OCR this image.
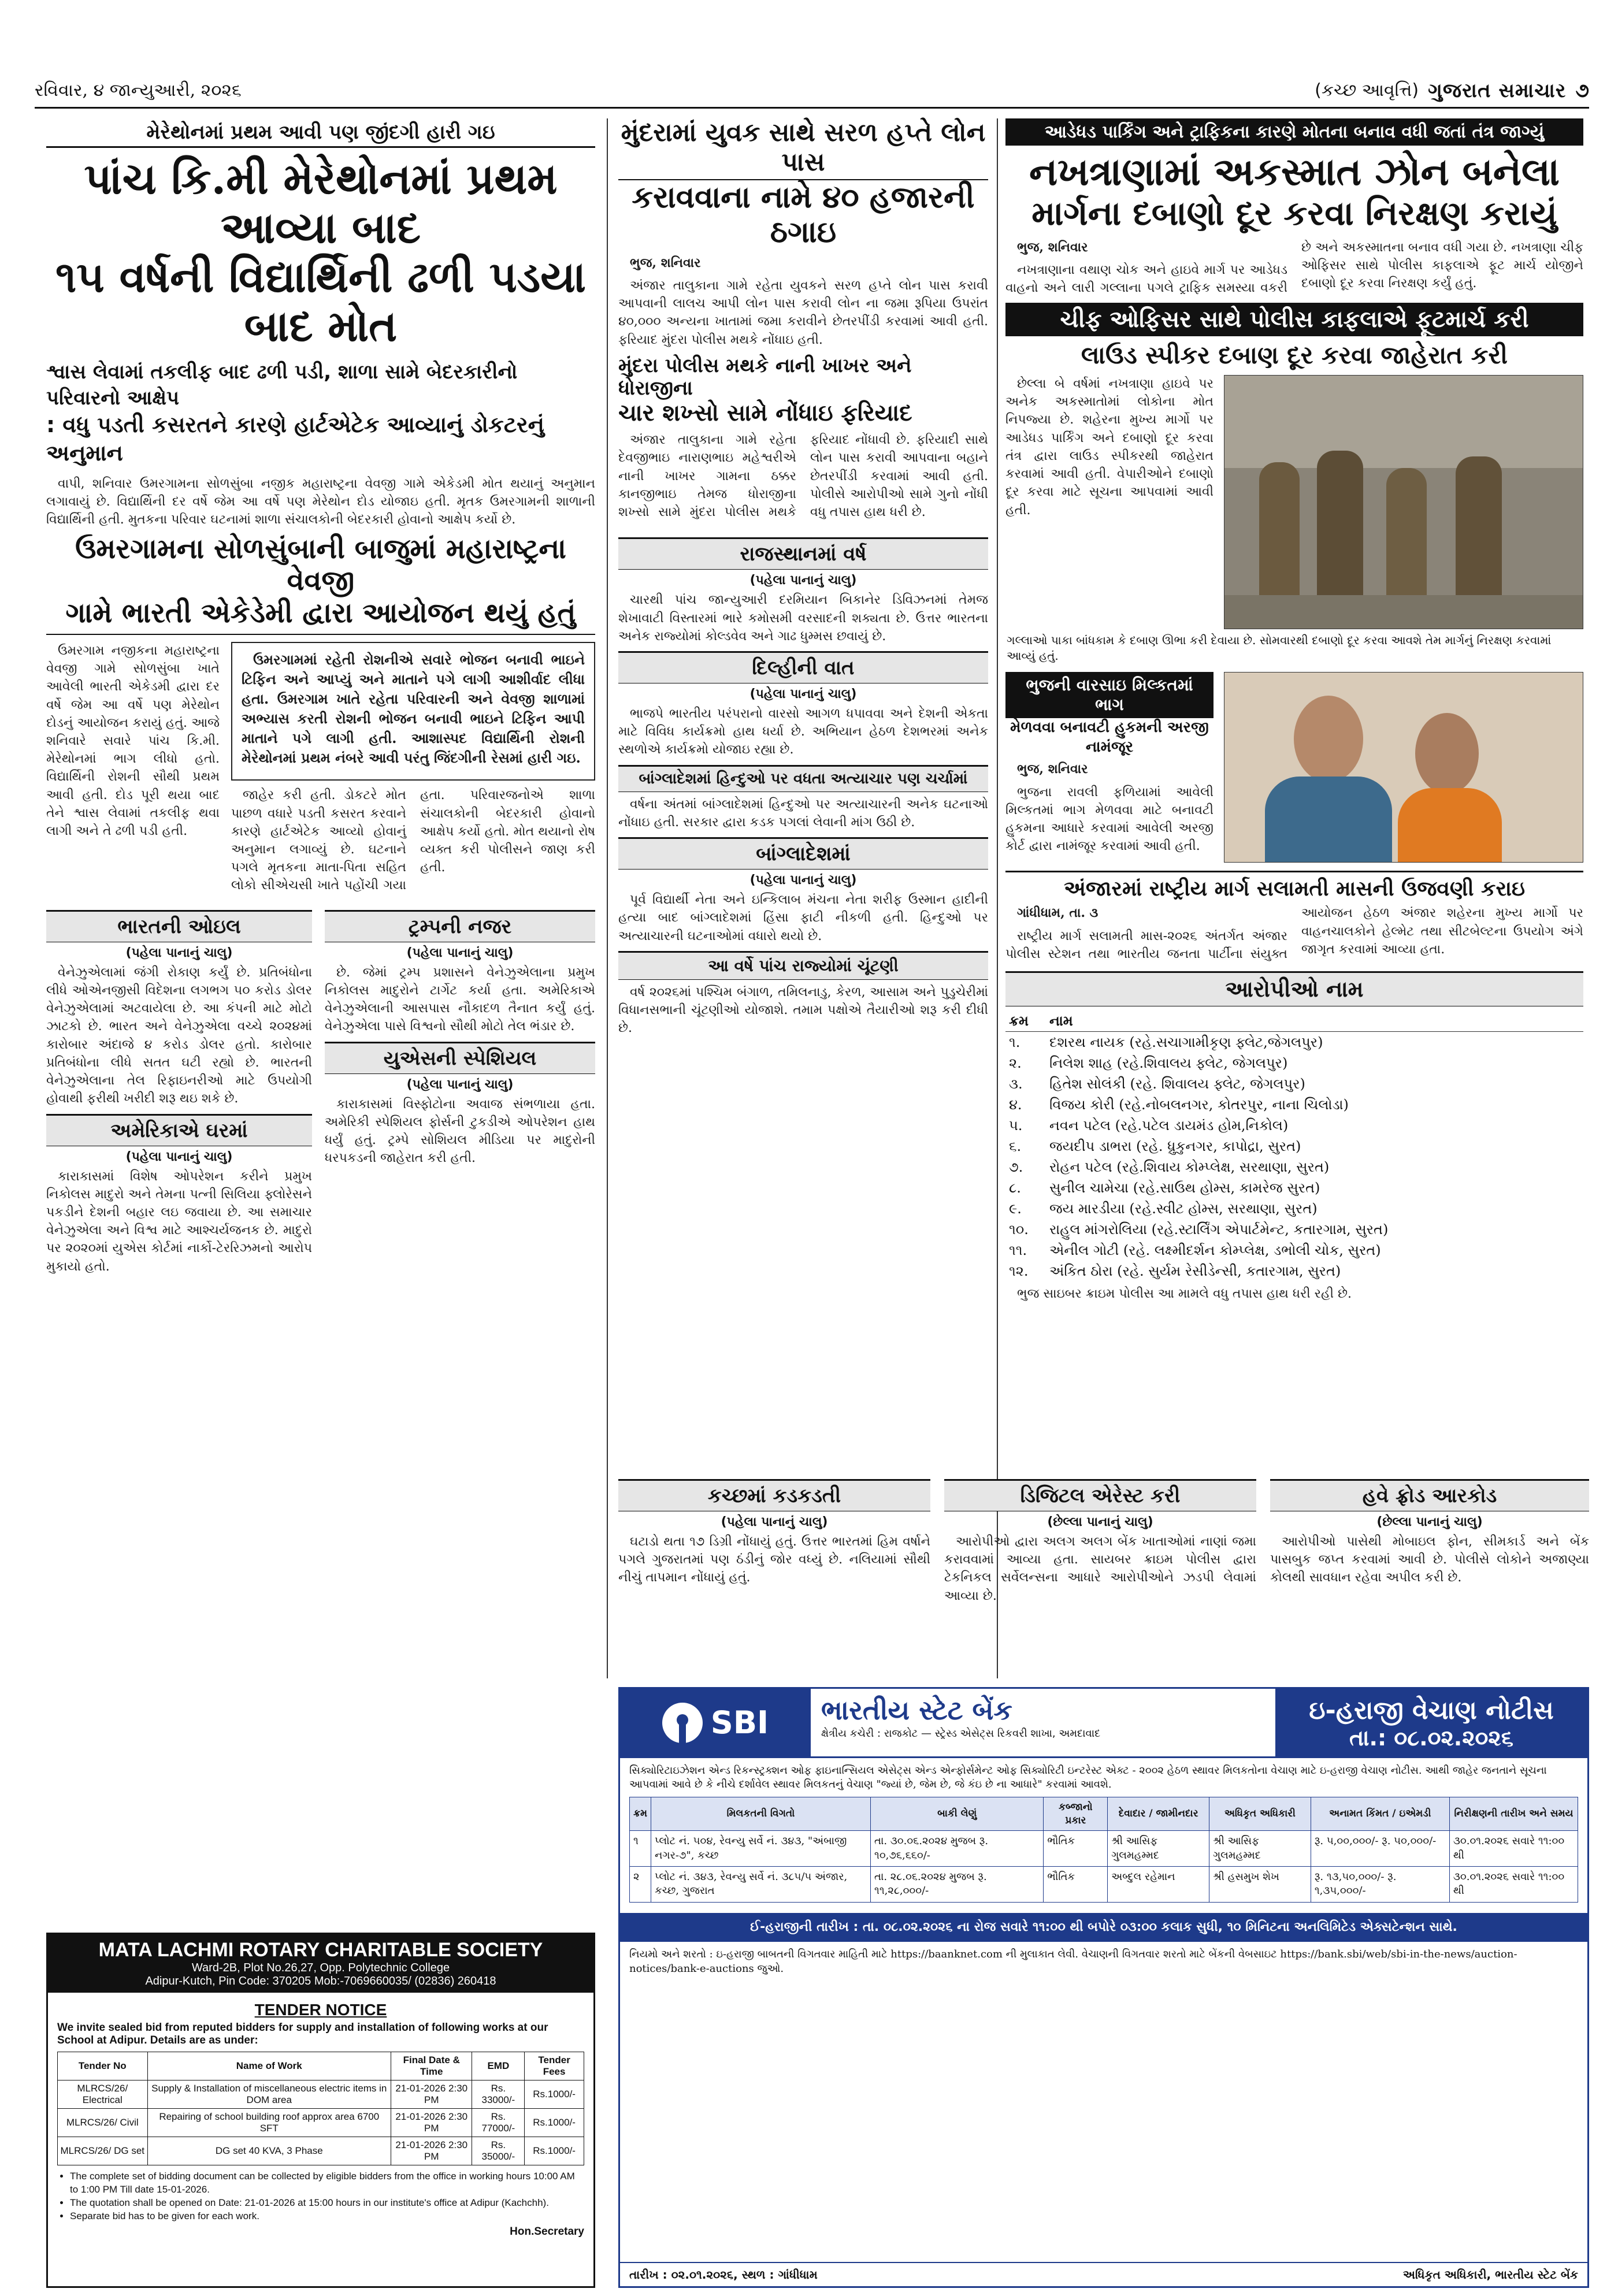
રવિવાર, ૪ જાન્યુઆરી, ૨૦૨૬	(કચ્છ આવૃત્તિ) ગુજરાત સમાચાર ૭
મેરેથોનમાં પ્રથમ આવી પણ જીંદગી હારી ગઇ
પાંચ કિ.મી મેરેથોનમાં પ્રથમ આવ્યા બાદ
૧૫ વર્ષની વિદ્યાર્થિની ઢળી પડયા બાદ મોત
શ્વાસ લેવામાં તકલીફ બાદ ઢળી પડી, શાળા સામે બેદરકારીનો પરિવારનો આક્ષેપ
: વધુ પડતી કસરતને કારણે હાર્ટએટેક આવ્યાનું ડોકટરનું અનુમાન

વાપી, શનિવાર ઉમરગામના સોળસુંબા નજીક મહારાષ્ટ્રના વેવજી ગામે એકેડમી મોત થયાનું અનુમાન લગાવાયું છે. વિદ્યાર્થિની દર વર્ષે જેમ આ વર્ષે પણ મેરેથોન દોડ યોજાઇ હતી. મૃતક ઉમરગામની શાળાની વિદ્યાર્થિની હતી. મુતકના પરિવાર ઘટનામાં શાળા સંચાલકોની બેદરકારી હોવાનો આક્ષેપ કર્યો છે.

ઉમરગામના સોળસુંબાની બાજુમાં મહારાષ્ટ્રના વેવજી
ગામે ભારતી એકેડેમી દ્વારા આયોજન થયું હતું

ઉમરગામ નજીકના મહારાષ્ટ્રના વેવજી ગામે સોળસુંબા ખાતે આવેલી ભારતી એકેડમી દ્વારા દર વર્ષે જેમ આ વર્ષે પણ મેરેથોન દોડનું આયોજન કરાયું હતું. આજે શનિવારે સવારે પાંચ કિ.મી. મેરેથોનમાં ભાગ લીધો હતો. વિદ્યાર્થિની રોશની સૌથી પ્રથમ આવી હતી. દોડ પૂરી થયા બાદ તેને શ્વાસ લેવામાં તકલીફ થવા લાગી અને તે ઢળી પડી હતી.

ઉમરગામમાં રહેતી રોશનીએ સવારે ભોજન બનાવી ભાઇને ટિફિન અને આપ્યું અને માતાને પગે લાગી આશીર્વાદ લીધા હતા. ઉમરગામ ખાતે રહેતા પરિવારની અને વેવજી શાળામાં અભ્યાસ કરતી રોશની ભોજન બનાવી ભાઇને ટિફિન આપી માતાને પગે લાગી હતી. આશાસ્પદ વિદ્યાર્થિની રોશની મેરેથોનમાં પ્રથમ નંબરે આવી પરંતુ જિંદગીની રેસમાં હારી ગઇ.

જાહેર કરી હતી. ડોકટરે મોત પાછળ વધારે પડતી કસરત કરવાને કારણે હાર્ટએટેક આવ્યો હોવાનું અનુમાન લગાવ્યું છે. ઘટનાને પગલે મૃતકના માતા-પિતા સહિત લોકો સીએચસી ખાતે પહોંચી ગયા હતા. પરિવારજનોએ શાળા સંચાલકોની બેદરકારી હોવાનો આક્ષેપ કર્યો હતો. મોત થયાનો રોષ વ્યક્ત કરી પોલીસને જાણ કરી હતી.

ભારતની ઓઇલ
(પહેલા પાનાનું ચાલુ)

વેનેઝુએલામાં જંગી રોકાણ કર્યું છે. પ્રતિબંધોના લીધે ઓએનજીસી વિદેશના લગભગ ૫૦ કરોડ ડોલર વેનેઝુએલામાં અટવાયેલા છે. આ કંપની માટે મોટો ઝાટકો છે. ભારત અને વેનેઝુએલા વચ્ચે ૨૦૨૪માં કારોબાર અંદાજે ૪ કરોડ ડોલર હતો. કારોબાર પ્રતિબંધોના લીધે સતત ઘટી રહ્યો છે. ભારતની વેનેઝુએલાના તેલ રિફાઇનરીઓ માટે ઉપયોગી હોવાથી ફરીથી ખરીદી શરૂ થઇ શકે છે.

અમેરિકાએ ઘરમાં
(પહેલા પાનાનું ચાલુ)

કારાકાસમાં વિશેષ ઓપરેશન કરીને પ્રમુખ નિકોલસ માદુરો અને તેમના પત્ની સિલિયા ફ્લોરેસને પકડીને દેશની બહાર લઇ જવાયા છે. આ સમાચાર વેનેઝુએલા અને વિશ્વ માટે આશ્ચર્યજનક છે. માદુરો પર ૨૦૨૦માં યુએસ કોર્ટમાં નાર્કો-ટેરરિઝમનો આરોપ મુકાયો હતો.

ટ્રમ્પની નજર
(પહેલા પાનાનું ચાલુ)

છે. જેમાં ટ્રમ્પ પ્રશાસને વેનેઝુએલાના પ્રમુખ નિકોલસ માદુરોને ટાર્ગેટ કર્યા હતા. અમેરિકાએ વેનેઝુએલાની આસપાસ નૌકાદળ તૈનાત કર્યું હતું. વેનેઝુએલા પાસે વિશ્વનો સૌથી મોટો તેલ ભંડાર છે.

યુએસની સ્પેશિયલ
(પહેલા પાનાનું ચાલુ)

કારાકાસમાં વિસ્ફોટોના અવાજ સંભળાયા હતા. અમેરિકી સ્પેશિયલ ફોર્સની ટુકડીએ ઓપરેશન હાથ ધર્યું હતું. ટ્રમ્પે સોશિયલ મીડિયા પર માદુરોની ધરપકડની જાહેરાત કરી હતી.

મુંદરામાં યુવક સાથે સરળ હપ્તે લોન પાસ
કરાવવાના નામે ૪૦ હજારની ઠગાઇ

ભુજ, શનિવાર

અંજાર તાલુકાના ગામે રહેતા યુવકને સરળ હપ્તે લોન પાસ કરાવી આપવાની લાલચ આપી લોન પાસ કરાવી લોન ના જમા રૂપિયા ઉપરાંત ૪૦,૦૦૦ અન્યના ખાતામાં જમા કરાવીને છેતરપીંડી કરવામાં આવી હતી. ફરિયાદ મુંદરા પોલીસ મથકે નોંધાઇ હતી.

મુંદરા પોલીસ મથકે નાની ખાખર અને ધોરાજીના
ચાર શખ્સો સામે નોંધાઇ ફરિયાદ

અંજાર તાલુકાના ગામે રહેતા દેવજીભાઇ નારાણભાઇ મહેશ્વરીએ નાની ખાખર ગામના ઠક્કર કાનજીભાઇ તેમજ ધોરાજીના શખ્સો સામે મુંદરા પોલીસ મથકે ફરિયાદ નોંધાવી છે. ફરિયાદી સાથે લોન પાસ કરાવી આપવાના બહાને છેતરપીંડી કરવામાં આવી હતી. પોલીસે આરોપીઓ સામે ગુનો નોંધી વધુ તપાસ હાથ ધરી છે.

રાજસ્થાનમાં વર્ષ
(પહેલા પાનાનું ચાલુ)

ચારથી પાંચ જાન્યુઆરી દરમિયાન બિકાનેર ડિવિઝનમાં તેમજ શેખાવાટી વિસ્તારમાં ભારે કમોસમી વરસાદની શક્યતા છે. ઉત્તર ભારતના અનેક રાજ્યોમાં કોલ્ડવેવ અને ગાઢ ધુમ્મસ છવાયું છે.

દિલ્હીની વાત
(પહેલા પાનાનું ચાલુ)

ભાજપે ભારતીય પરંપરાનો વારસો આગળ ધપાવવા અને દેશની એકતા માટે વિવિધ કાર્યક્રમો હાથ ધર્યા છે. અભિયાન હેઠળ દેશભરમાં અનેક સ્થળોએ કાર્યક્રમો યોજાઇ રહ્યા છે.

બાંગ્લાદેશમાં હિન્દુઓ પર વધતા અત્યાચાર પણ ચર્ચામાં

વર્ષના અંતમાં બાંગ્લાદેશમાં હિન્દુઓ પર અત્યાચારની અનેક ઘટનાઓ નોંધાઇ હતી. સરકાર દ્વારા કડક પગલાં લેવાની માંગ ઉઠી છે.

બાંગ્લાદેશમાં
(પહેલા પાનાનું ચાલુ)

પૂર્વ વિદ્યાર્થી નેતા અને ઇન્કિલાબ મંચના નેતા શરીફ ઉસ્માન હાદીની હત્યા બાદ બાંગ્લાદેશમાં હિંસા ફાટી નીકળી હતી. હિન્દુઓ પર અત્યાચારની ઘટનાઓમાં વધારો થયો છે.

આ વર્ષે પાંચ રાજ્યોમાં ચૂંટણી

વર્ષ ૨૦૨૬માં પશ્ચિમ બંગાળ, તમિલનાડુ, કેરળ, આસામ અને પુડુચેરીમાં વિધાનસભાની ચૂંટણીઓ યોજાશે. તમામ પક્ષોએ તૈયારીઓ શરૂ કરી દીધી છે.

આડેધડ પાર્કિંગ અને ટ્રાફિકના કારણે મોતના બનાવ વધી જતાં તંત્ર જાગ્યું
નખત્રાણામાં અકસ્માત ઝોન બનેલા
માર્ગના દબાણો દૂર કરવા નિરક્ષણ કરાયું

ભુજ, શનિવાર

નખત્રાણાના વથાણ ચોક અને હાઇવે માર્ગ પર આડેધડ વાહનો અને લારી ગલ્લાના પગલે ટ્રાફિક સમસ્યા વકરી છે અને અકસ્માતના બનાવ વધી ગયા છે. નખત્રાણા ચીફ ઓફિસર સાથે પોલીસ કાફલાએ ફૂટ માર્ચ યોજીને દબાણો દૂર કરવા નિરક્ષણ કર્યું હતું.

ચીફ ઓફિસર સાથે પોલીસ કાફલાએ ફૂટમાર્ચ કરી
લાઉડ સ્પીકર દબાણ દૂર કરવા જાહેરાત કરી

છેલ્લા બે વર્ષમાં નખત્રાણા હાઇવે પર અનેક અકસ્માતોમાં લોકોના મોત નિપજ્યા છે. શહેરના મુખ્ય માર્ગો પર આડેધડ પાર્કિંગ અને દબાણો દૂર કરવા તંત્ર દ્વારા લાઉડ સ્પીકરથી જાહેરાત કરવામાં આવી હતી. વેપારીઓને દબાણો દૂર કરવા માટે સૂચના આપવામાં આવી હતી.

ગલ્લાઓ પાકા બાંધકામ કે દબાણ ઊભા કરી દેવાયા છે. સોમવારથી દબાણો દૂર કરવા આવશે તેમ માર્ગનું નિરક્ષણ કરવામાં આવ્યું હતું.
ભુજની વારસાઇ મિલ્કતમાં ભાગ
મેળવવા બનાવટી હુકમની અરજી નામંજૂર

ભુજ, શનિવાર

ભુજના રાવલી ફળિયામાં આવેલી મિલ્કતમાં ભાગ મેળવવા માટે બનાવટી હુકમના આધારે કરવામાં આવેલી અરજી કોર્ટ દ્વારા નામંજૂર કરવામાં આવી હતી.

અંજારમાં રાષ્ટ્રીય માર્ગ સલામતી માસની ઉજવણી કરાઇ

ગાંધીધામ, તા. ૩

રાષ્ટ્રીય માર્ગ સલામતી માસ-૨૦૨૬ અંતર્ગત અંજાર પોલીસ સ્ટેશન તથા ભારતીય જનતા પાર્ટીના સંયુક્ત આયોજન હેઠળ અંજાર શહેરના મુખ્ય માર્ગો પર વાહનચાલકોને હેલ્મેટ તથા સીટબેલ્ટના ઉપયોગ અંગે જાગૃત કરવામાં આવ્યા હતા.

આરોપીઓ નામ
ક્રમ	નામ
૧.	દશરથ નાયક (રહે.સચાગામીકૃણ ફ્લેટ,જેગલપુર)
૨.	નિલેશ શાહ (રહે.શિવાલય ફ્લેટ, જેગલપુર)
૩.	હિતેશ સોલંકી (રહે. શિવાલય ફ્લેટ, જેગલપુર)
૪.	વિજય કોરી (રહે.નોબલનગર, કોતરપુર, નાના ચિલોડા)
૫.	નવન પટેલ (રહે.પટેલ ડાયમંડ હોમ,નિકોલ)
૬.	જયદીપ ડાભરા (રહે. ધ્રુકુનગર, કાપોદ્રા, સુરત)
૭.	રોહન પટેલ (રહે.શિવાય કોમ્પ્લેક્ષ, સરથાણા, સુરત)
૮.	સુનીલ ચામેચા (રહે.સાઉથ હોમ્સ, કામરેજ સુરત)
૯.	જય મારડીયા (રહે.સ્વીટ હોમ્સ, સરથાણા, સુરત)
૧૦.	રાહુલ માંગરોલિયા (રહે.સ્ટાર્લિંગ એપાર્ટમેન્ટ, કતારગામ, સુરત)
૧૧.	એનીલ ગોટી (રહે. લક્ષ્મીદર્શન કોમ્પ્લેક્ષ, ડભોલી ચોક, સુરત)
૧૨.	અંકિત ઠોરા (રહે. સુર્યમ રેસીડેન્સી, કતારગામ, સુરત)

ભુજ સાઇબર ક્રાઇમ પોલીસ આ મામલે વધુ તપાસ હાથ ધરી રહી છે.

કચ્છમાં કડકડતી
(પહેલા પાનાનું ચાલુ)

ઘટાડો થતા ૧૭ ડિગ્રી નોંધાયું હતું. ઉત્તર ભારતમાં હિમ વર્ષાને પગલે ગુજરાતમાં પણ ઠંડીનું જોર વધ્યું છે. નલિયામાં સૌથી નીચું તાપમાન નોંધાયું હતું.

ડિજિટલ એરેસ્ટ કરી
(છેલ્લા પાનાનું ચાલુ)

આરોપીઓ દ્વારા અલગ અલગ બેંક ખાતાઓમાં નાણાં જમા કરાવવામાં આવ્યા હતા. સાયબર ક્રાઇમ પોલીસ દ્વારા ટેકનિકલ સર્વેલન્સના આધારે આરોપીઓને ઝડપી લેવામાં આવ્યા છે.

હવે ફ્રોડ આરકોડ
(છેલ્લા પાનાનું ચાલુ)

આરોપીઓ પાસેથી મોબાઇલ ફોન, સીમકાર્ડ અને બેંક પાસબુક જપ્ત કરવામાં આવી છે. પોલીસે લોકોને અજાણ્યા કોલથી સાવધાન રહેવા અપીલ કરી છે.

SBI ભારતીય સ્ટેટ બેંક
ક્ષેત્રીય કચેરી : રાજકોટ — સ્ટ્રેસ્ડ એસેટ્સ રિકવરી શાખા, અમદાવાદ
ઇ-હરાજી વેચાણ નોટીસ
તા.: ૦૮.૦૨.૨૦૨૬

સિક્યોરિટાઇઝેશન એન્ડ રિકન્સ્ટ્રક્શન ઓફ ફાઇનાન્સિયલ એસેટ્સ એન્ડ એન્ફોર્સમેન્ટ ઓફ સિક્યોરિટી ઇન્ટરેસ્ટ એક્ટ - ૨૦૦૨ હેઠળ સ્થાવર મિલકતોના વેચાણ માટે ઇ-હરાજી વેચાણ નોટીસ. આથી જાહેર જનતાને સૂચના આપવામાં આવે છે કે નીચે દર્શાવેલ સ્થાવર મિલકતનું વેચાણ "જ્યાં છે, જેમ છે, જે કંઇ છે ના આધારે" કરવામાં આવશે.

ક્રમ	મિલકતની વિગતો	બાકી લેણું	કબ્જાનો પ્રકાર	દેવાદાર / જામીનદાર	અધિકૃત અધિકારી	અનામત કિંમત / ઇએમડી	નિરીક્ષણની તારીખ અને સમય
૧	પ્લોટ નં. ૫૦૪, રેવન્યુ સર્વે નં. ૩૪૩, "અંબાજી નગર-૭", કચ્છ	તા. ૩૦.૦૬.૨૦૨૪ મુજબ રૂ. ૧૦,૭૬,૬૬૦/-	ભૌતિક	શ્રી આસિફ ગુલમહમ્મદ	શ્રી આસિફ ગુલમહમ્મદ	રૂ. ૫,૦૦,૦૦૦/- રૂ. ૫૦,૦૦૦/-	૩૦.૦૧.૨૦૨૬ સવારે ૧૧:૦૦ થી
૨	પ્લોટ નં. ૩૪૩, રેવન્યુ સર્વે નં. ૩૮૫/૫ અંજાર, કચ્છ, ગુજરાત	તા. ૨૮.૦૬.૨૦૨૪ મુજબ રૂ. ૧૧,૨૮,૦૦૦/-	ભૌતિક	અબ્દુલ રહેમાન	શ્રી હસમુખ શેખ	રૂ. ૧૩,૫૦,૦૦૦/- રૂ. ૧,૩૫,૦૦૦/-	૩૦.૦૧.૨૦૨૬ સવારે ૧૧:૦૦ થી
ઈ-હરાજીની તારીખ : તા. ૦૮.૦૨.૨૦૨૬ ના રોજ સવારે ૧૧:૦૦ થી બપોરે ૦૩:૦૦ કલાક સુધી, ૧૦ મિનિટના અનલિમિટેડ એક્સટેન્શન સાથે.

નિયમો અને શરતો : ઇ-હરાજી બાબતની વિગતવાર માહિતી માટે https://baanknet.com ની મુલાકાત લેવી. વેચાણની વિગતવાર શરતો માટે બેંકની વેબસાઇટ https://bank.sbi/web/sbi-in-the-news/auction-notices/bank-e-auctions જુઓ.

તારીખ : ૦૨.૦૧.૨૦૨૬, સ્થળ : ગાંધીધામ	અધિકૃત અધિકારી, ભારતીય સ્ટેટ બેંક
MATA LACHMI ROTARY CHARITABLE SOCIETY
Ward-2B, Plot No.26,27, Opp. Polytechnic College
Adipur-Kutch, Pin Code: 370205 Mob:-7069660035/ (02836) 260418
TENDER NOTICE

We invite sealed bid from reputed bidders for supply and installation of following works at our School at Adipur. Details are as under:

Tender No	Name of Work	Final Date & Time	EMD	Tender Fees
MLRCS/26/ Electrical	Supply & Installation of miscellaneous electric items in DOM area	21-01-2026 2:30 PM	Rs. 33000/-	Rs.1000/-
MLRCS/26/ Civil	Repairing of school building roof approx area 6700 SFT	21-01-2026 2:30 PM	Rs. 77000/-	Rs.1000/-
MLRCS/26/ DG set	DG set 40 KVA, 3 Phase	21-01-2026 2:30 PM	Rs. 35000/-	Rs.1000/-
• The complete set of bidding document can be collected by eligible bidders from the office in working hours 10:00 AM to 1:00 PM Till date 15-01-2026.
• The quotation shall be opened on Date: 21-01-2026 at 15:00 hours in our institute's office at Adipur (Kachchh).
• Separate bid has to be given for each work.
Hon.Secretary
